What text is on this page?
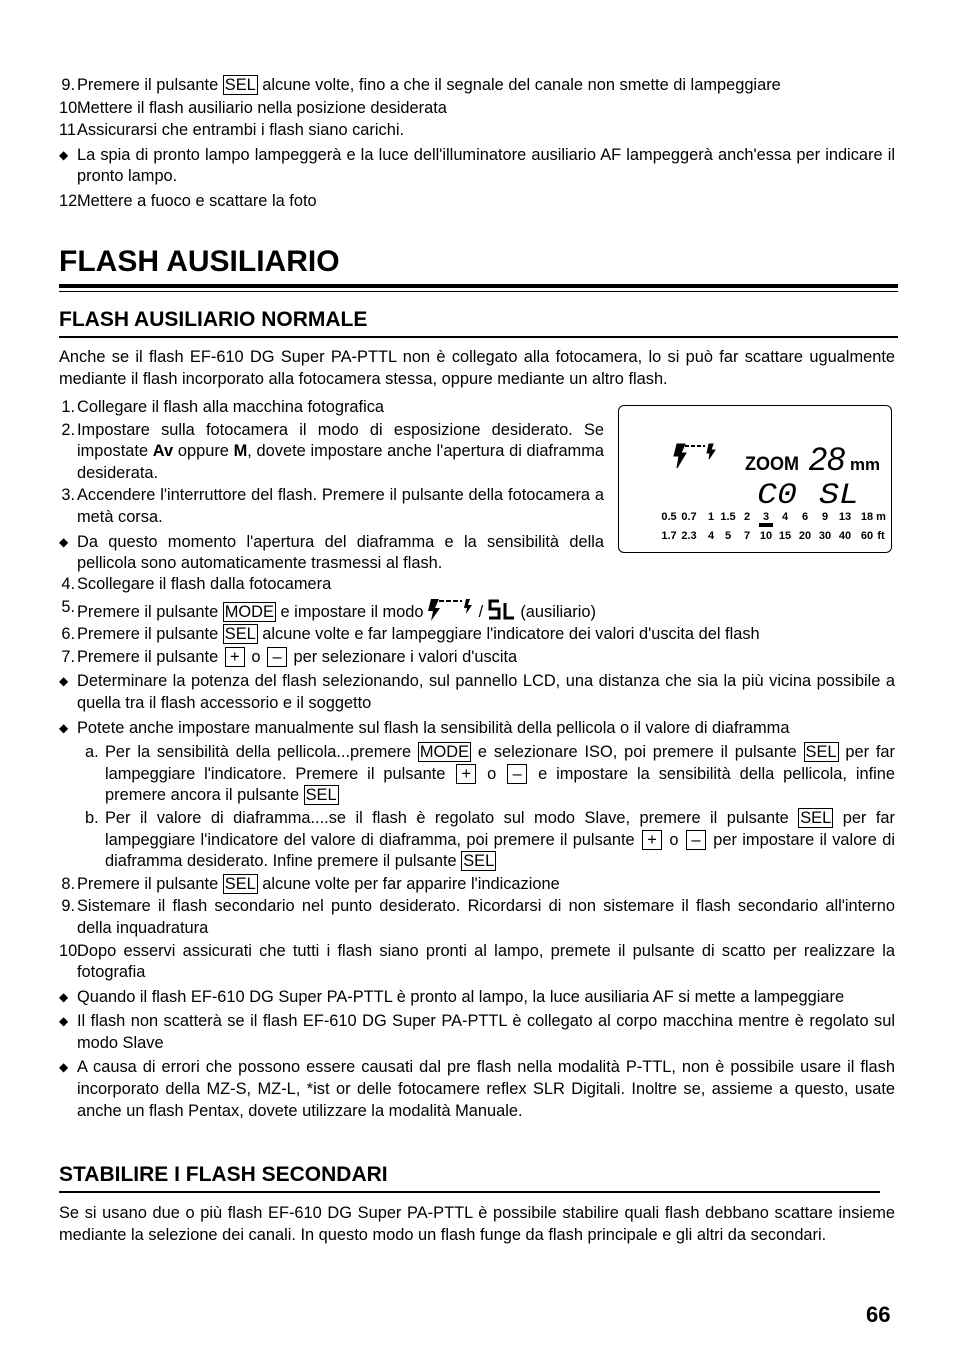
9. Premere il pulsante SEL alcune volte, fino a che il segnale del canale non smette di lampeggiare
10.
Mettere il flash ausiliario nella posizione desiderata
11.
Assicurarsi che entrambi i flash siano carichi.
◆ La spia di pronto lampo lampeggerà e la luce dell'illuminatore ausiliario AF lampeggerà anch'essa per indicare il pronto lampo.
12.
Mettere a fuoco e scattare la foto
FLASH AUSILIARIO
FLASH AUSILIARIO NORMALE
Anche se il flash EF-610 DG Super PA-PTTL non è collegato alla fotocamera, lo si può far scattare ugualmente mediante il flash incorporato alla fotocamera stessa, oppure mediante un altro flash.
1. Collegare il flash alla macchina fotografica
2. Impostare sulla fotocamera il modo di esposizione desiderato. Se impostate Av oppure M, dovete impostare anche l'apertura di diaframma desiderata.
3. Accendere l'interruttore del flash. Premere il pulsante della fotocamera a metà corsa.
◆ Da questo momento l'apertura del diaframma e la sensibilità della pellicola sono automaticamente trasmessi al flash.
ZOOM 28 mm
C0 SL
0.5 0.7 1 1.5 2 3 4 6 9 13 18 m
1.7 2.3 4 5 7 10 15 20 30 40 60 ft
4. Scollegare il flash dalla fotocamera
5. Premere il pulsante MODE e impostare il modo	/  (ausiliario)
6. Premere il pulsante SEL alcune volte e far lampeggiare l'indicatore dei valori d'uscita del flash
7. Premere il pulsante + o – per selezionare i valori d'uscita
◆ Determinare la potenza del flash selezionando, sul pannello LCD, una distanza che sia la più vicina possibile a quella tra il flash accessorio e il soggetto
◆ Potete anche impostare manualmente sul flash la sensibilità della pellicola o il valore di diaframma
a. Per la sensibilità della pellicola...premere MODE e selezionare ISO, poi premere il pulsante SEL per far lampeggiare l'indicatore. Premere il pulsante + o – e impostare la sensibilità della pellicola, infine premere ancora il pulsante SEL
b. Per il valore di diaframma....se il flash è regolato sul modo Slave, premere il pulsante SEL per far lampeggiare l'indicatore del valore di diaframma, poi premere il pulsante + o – per impostare il valore di diaframma desiderato. Infine premere il pulsante SEL
8. Premere il pulsante SEL alcune volte per far apparire l'indicazione
9. Sistemare il flash secondario nel punto desiderato. Ricordarsi di non sistemare il flash secondario all'interno della inquadratura
10.
Dopo esservi assicurati che tutti i flash siano pronti al lampo, premete il pulsante di scatto per realizzare la fotografia
◆ Quando il flash EF-610 DG Super PA-PTTL è pronto al lampo, la luce ausiliaria AF si mette a lampeggiare
◆ Il flash non scatterà se il flash EF-610 DG Super PA-PTTL è collegato al corpo macchina mentre è regolato sul modo Slave
◆ A causa di errori che possono essere causati dal pre flash nella modalità P-TTL, non è possibile usare il flash incorporato della MZ-S, MZ-L, *ist or delle fotocamere reflex SLR Digitali. Inoltre se, assieme a questo, usate anche un flash Pentax, dovete utilizzare la modalità Manuale.
STABILIRE I FLASH SECONDARI
Se si usano due o più flash EF-610 DG Super PA-PTTL è possibile stabilire quali flash debbano scattare insieme mediante la selezione dei canali. In questo modo un flash funge da flash principale e gli altri da secondari.
66
